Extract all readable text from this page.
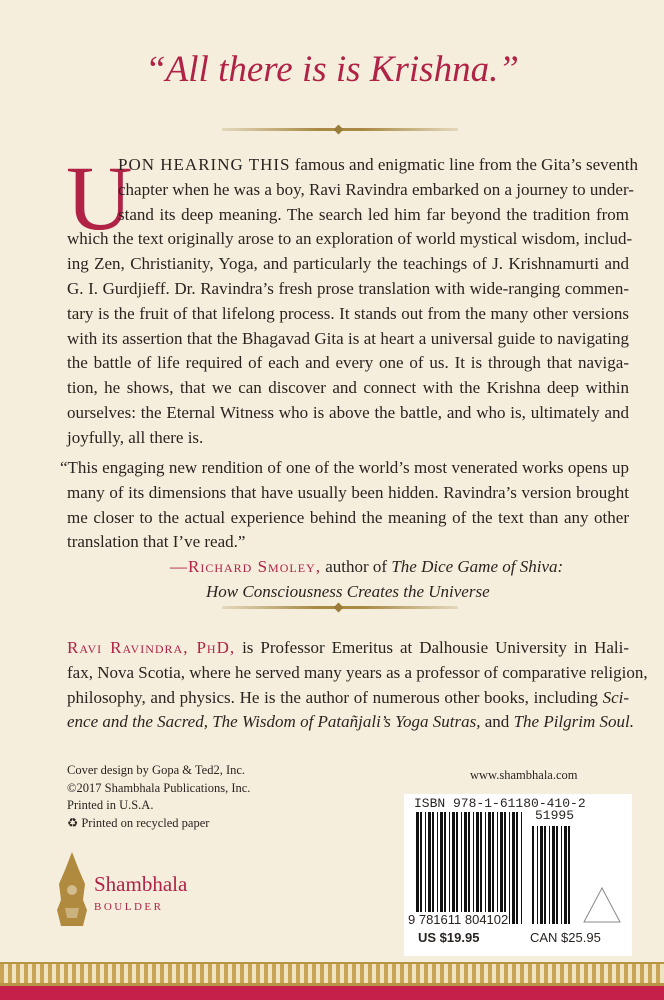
“All there is is Krishna.”
U
PON HEARING THIS famous and enigmatic line from the Gita’s seventh
chapter when he was a boy, Ravi Ravindra embarked on a journey to under-
stand its deep meaning. The search led him far beyond the tradition from
which the text originally arose to an exploration of world mystical wisdom, includ-
ing Zen, Christianity, Yoga, and particularly the teachings of J. Krishnamurti and
G. I. Gurdjieff. Dr. Ravindra’s fresh prose translation with wide-ranging commen-
tary is the fruit of that lifelong process. It stands out from the many other versions
with its assertion that the Bhagavad Gita is at heart a universal guide to navigating
the battle of life required of each and every one of us. It is through that naviga-
tion, he shows, that we can discover and connect with the Krishna deep within
ourselves: the Eternal Witness who is above the battle, and who is, ultimately and
joyfully, all there is.
“This engaging new rendition of one of the world’s most venerated works opens up
many of its dimensions that have usually been hidden. Ravindra’s version brought
me closer to the actual experience behind the meaning of the text than any other
translation that I’ve read.”
—Richard Smoley, author of The Dice Game of Shiva:
How Consciousness Creates the Universe
Ravi Ravindra, PhD, is Professor Emeritus at Dalhousie University in Hali-
fax, Nova Scotia, where he served many years as a professor of comparative religion,
philosophy, and physics. He is the author of numerous other books, including Sci-
ence and the Sacred, The Wisdom of Patañjali’s Yoga Sutras, and The Pilgrim Soul.
Cover design by Gopa & Ted2, Inc.
©2017 Shambhala Publications, Inc.
Printed in U.S.A.
♻ Printed on recycled paper
Shambhala
BOULDER
www.shambhala.com
ISBN 978-1-61180-410-2
51995
9 781611 804102
US $19.95	CAN $25.95
